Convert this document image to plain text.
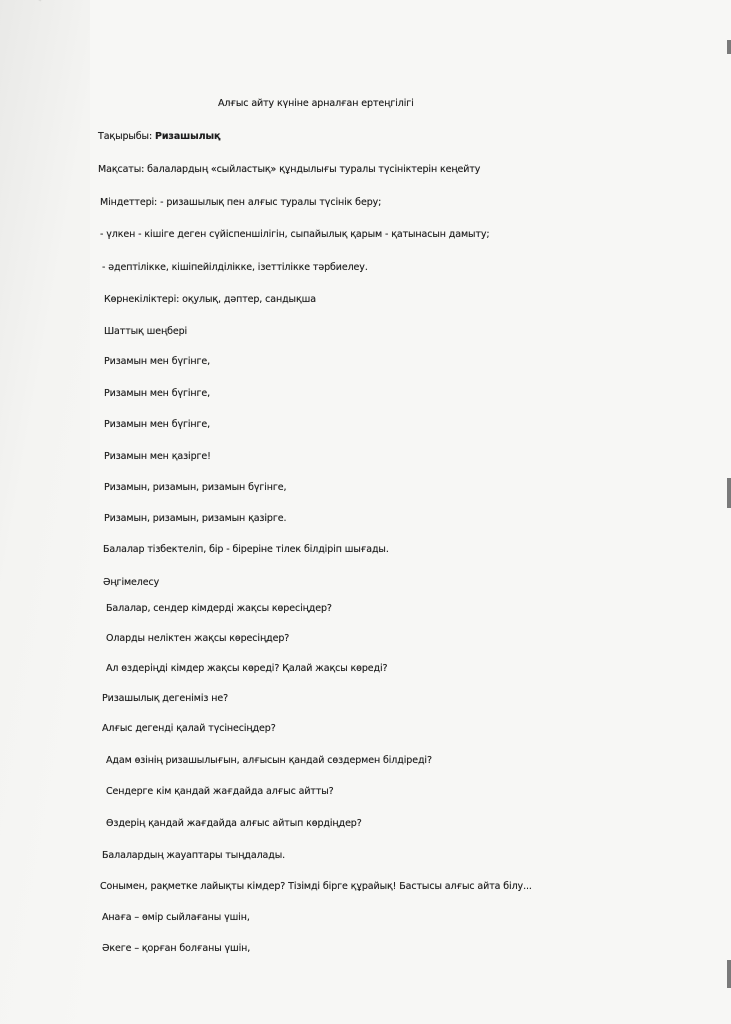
Алғыс айту күніне арналған ертеңгілігі
Тақырыбы: Ризашылық
Мақсаты: балалардың «сыйластық» құндылығы туралы түсініктерін кеңейту
Міндеттері: - ризашылық пен алғыс туралы түсінік беру;
- үлкен - кішіге деген сүйіспеншілігін, сыпайылық қарым - қатынасын дамыту;
- әдептілікке, кішіпейілділікке, ізеттілікке тәрбиелеу.
Көрнекіліктері: оқулық, дәптер, сандықша
Шаттық шеңбері
Ризамын мен бүгінге,
Ризамын мен бүгінге,
Ризамын мен бүгінге,
Ризамын мен қазірге!
Ризамын, ризамын, ризамын бүгінге,
Ризамын, ризамын, ризамын қазірге.
Балалар тізбектеліп, бір - біреріне тілек білдіріп шығады.
Әңгімелесу
Балалар, сендер кімдерді жақсы көресіңдер?
Оларды неліктен жақсы көресіңдер?
Ал өздеріңді кімдер жақсы көреді? Қалай жақсы көреді?
Ризашылық дегеніміз не?
Алғыс дегенді қалай түсінесіңдер?
Адам өзінің ризашылығын, алғысын қандай сөздермен білдіреді?
Сендерге кім қандай жағдайда алғыс айтты?
Өздерің қандай жағдайда алғыс айтып көрдіңдер?
Балалардың жауаптары тыңдалады.
Сонымен, рақметке лайықты кімдер? Тізімді бірге құрайық! Бастысы алғыс айта білу...
Анаға – өмір сыйлағаны үшін,
Әкеге – қорған болғаны үшін,
